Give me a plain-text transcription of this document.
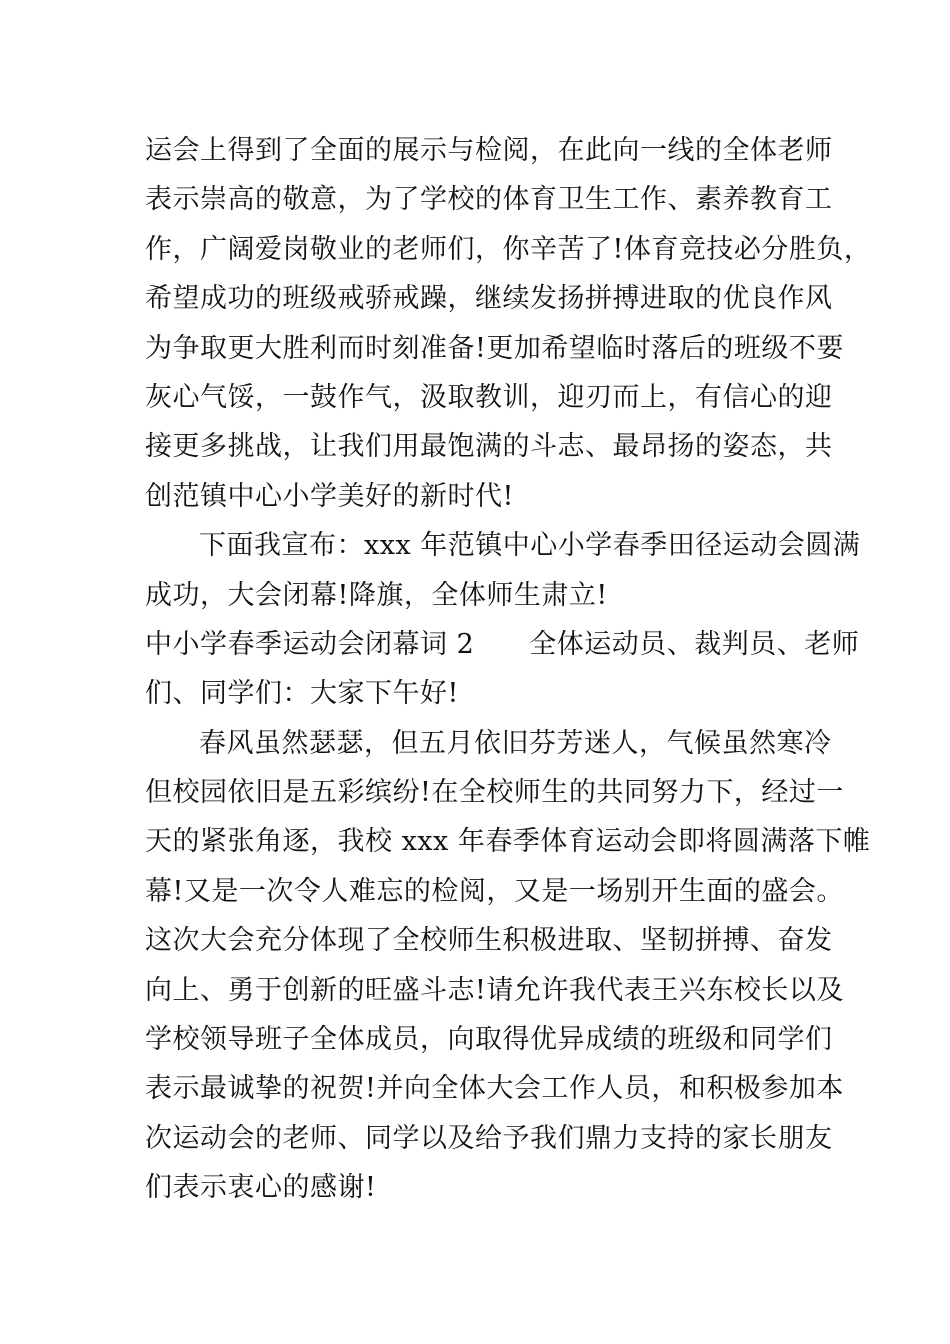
运会上得到了全面的展示与检阅，在此向一线的全体老师
表示崇高的敬意，为了学校的体育卫生工作、素养教育工
作，广阔爱岗敬业的老师们，你辛苦了!体育竞技必分胜负，
希望成功的班级戒骄戒躁，继续发扬拼搏进取的优良作风
为争取更大胜利而时刻准备!更加希望临时落后的班级不要
灰心气馁，一鼓作气，汲取教训，迎刃而上，有信心的迎
接更多挑战，让我们用最饱满的斗志、最昂扬的姿态，共
创范镇中心小学美好的新时代!
下面我宣布：xxx 年范镇中心小学春季田径运动会圆满
成功，大会闭幕!降旗，全体师生肃立!
中小学春季运动会闭幕词 2　　全体运动员、裁判员、老师
们、同学们：大家下午好!
春风虽然瑟瑟，但五月依旧芬芳迷人，气候虽然寒冷
但校园依旧是五彩缤纷!在全校师生的共同努力下，经过一
天的紧张角逐，我校 xxx 年春季体育运动会即将圆满落下帷
幕!又是一次令人难忘的检阅，又是一场别开生面的盛会。
这次大会充分体现了全校师生积极进取、坚韧拼搏、奋发
向上、勇于创新的旺盛斗志!请允许我代表王兴东校长以及
学校领导班子全体成员，向取得优异成绩的班级和同学们
表示最诚挚的祝贺!并向全体大会工作人员，和积极参加本
次运动会的老师、同学以及给予我们鼎力支持的家长朋友
们表示衷心的感谢!
